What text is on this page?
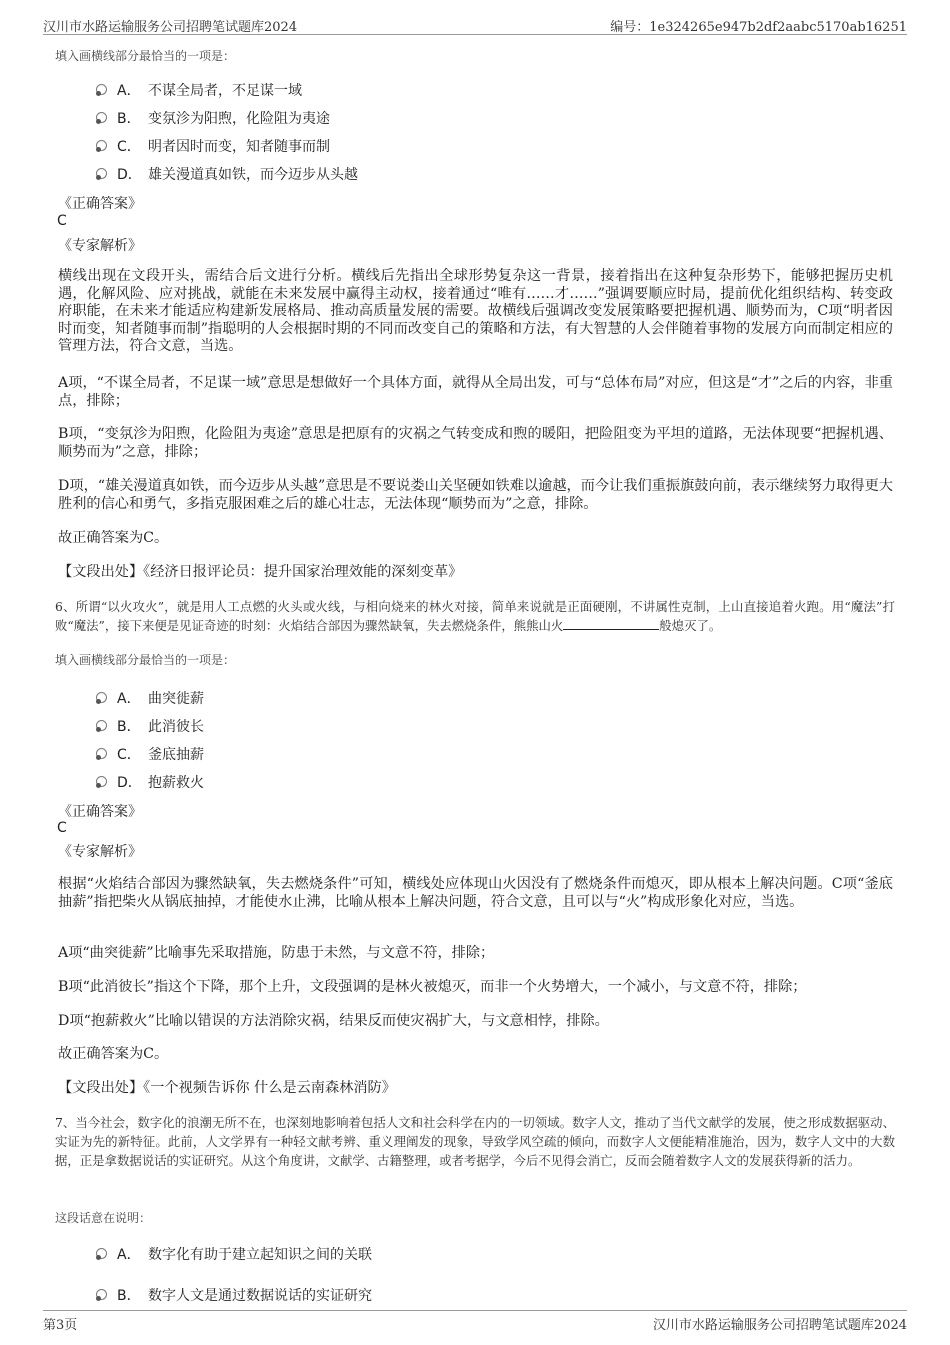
汉川市水路运输服务公司招聘笔试题库2024	编号：1e324265e947b2df2aabc5170ab16251
填入画横线部分最恰当的一项是：
A． 不谋全局者，不足谋一域
B． 变氛沴为阳煦，化险阻为夷途
C． 明者因时而变，知者随事而制
D． 雄关漫道真如铁，而今迈步从头越
《正确答案》
C
《专家解析》
横线出现在文段开头，需结合后文进行分析。横线后先指出全球形势复杂这一背景，接着指出在这种复杂形势下，能够把握历史机遇，化解风险、应对挑战，就能在未来发展中赢得主动权，接着通过“唯有……才……”强调要顺应时局，提前优化组织结构、转变政府职能，在未来才能适应构建新发展格局、推动高质量发展的需要。故横线后强调改变发展策略要把握机遇、顺势而为，C项“明者因时而变，知者随事而制”指聪明的人会根据时期的不同而改变自己的策略和方法，有大智慧的人会伴随着事物的发展方向而制定相应的管理方法，符合文意，当选。
A项，“不谋全局者，不足谋一域”意思是想做好一个具体方面，就得从全局出发，可与“总体布局”对应，但这是“才”之后的内容，非重点，排除；
B项，“变氛沴为阳煦，化险阻为夷途”意思是把原有的灾祸之气转变成和煦的暖阳，把险阻变为平坦的道路，无法体现要“把握机遇、顺势而为”之意，排除；
D项，“雄关漫道真如铁，而今迈步从头越”意思是不要说娄山关坚硬如铁难以逾越，而今让我们重振旗鼓向前，表示继续努力取得更大胜利的信心和勇气，多指克服困难之后的雄心壮志，无法体现“顺势而为”之意，排除。
故正确答案为C。
【文段出处】《经济日报评论员：提升国家治理效能的深刻变革》
6、所谓“以火攻火”，就是用人工点燃的火头或火线，与相向烧来的林火对接，简单来说就是正面硬刚，不讲属性克制，上山直接追着火跑。用“魔法”打败“魔法”，接下来便是见证奇迹的时刻：火焰结合部因为骤然缺氧，失去燃烧条件，熊熊山火	般熄灭了。
填入画横线部分最恰当的一项是：
A． 曲突徙薪
B． 此消彼长
C． 釜底抽薪
D． 抱薪救火
《正确答案》
C
《专家解析》
根据“火焰结合部因为骤然缺氧，失去燃烧条件”可知，横线处应体现山火因没有了燃烧条件而熄灭，即从根本上解决问题。C项“釜底抽薪”指把柴火从锅底抽掉，才能使水止沸，比喻从根本上解决问题，符合文意，且可以与“火”构成形象化对应，当选。
A项“曲突徙薪”比喻事先采取措施，防患于未然，与文意不符，排除；
B项“此消彼长”指这个下降，那个上升，文段强调的是林火被熄灭，而非一个火势增大，一个减小，与文意不符，排除；
D项“抱薪救火”比喻以错误的方法消除灾祸，结果反而使灾祸扩大，与文意相悖，排除。
故正确答案为C。
【文段出处】《一个视频告诉你 什么是云南森林消防》
7、当今社会，数字化的浪潮无所不在，也深刻地影响着包括人文和社会科学在内的一切领域。数字人文，推动了当代文献学的发展，使之形成数据驱动、实证为先的新特征。此前，人文学界有一种轻文献考辨、重义理阐发的现象，导致学风空疏的倾向，而数字人文便能精准施治，因为，数字人文中的大数据，正是拿数据说话的实证研究。从这个角度讲，文献学、古籍整理，或者考据学，今后不见得会消亡，反而会随着数字人文的发展获得新的活力。
这段话意在说明：
A． 数字化有助于建立起知识之间的关联
B． 数字人文是通过数据说话的实证研究
第3页	汉川市水路运输服务公司招聘笔试题库2024
